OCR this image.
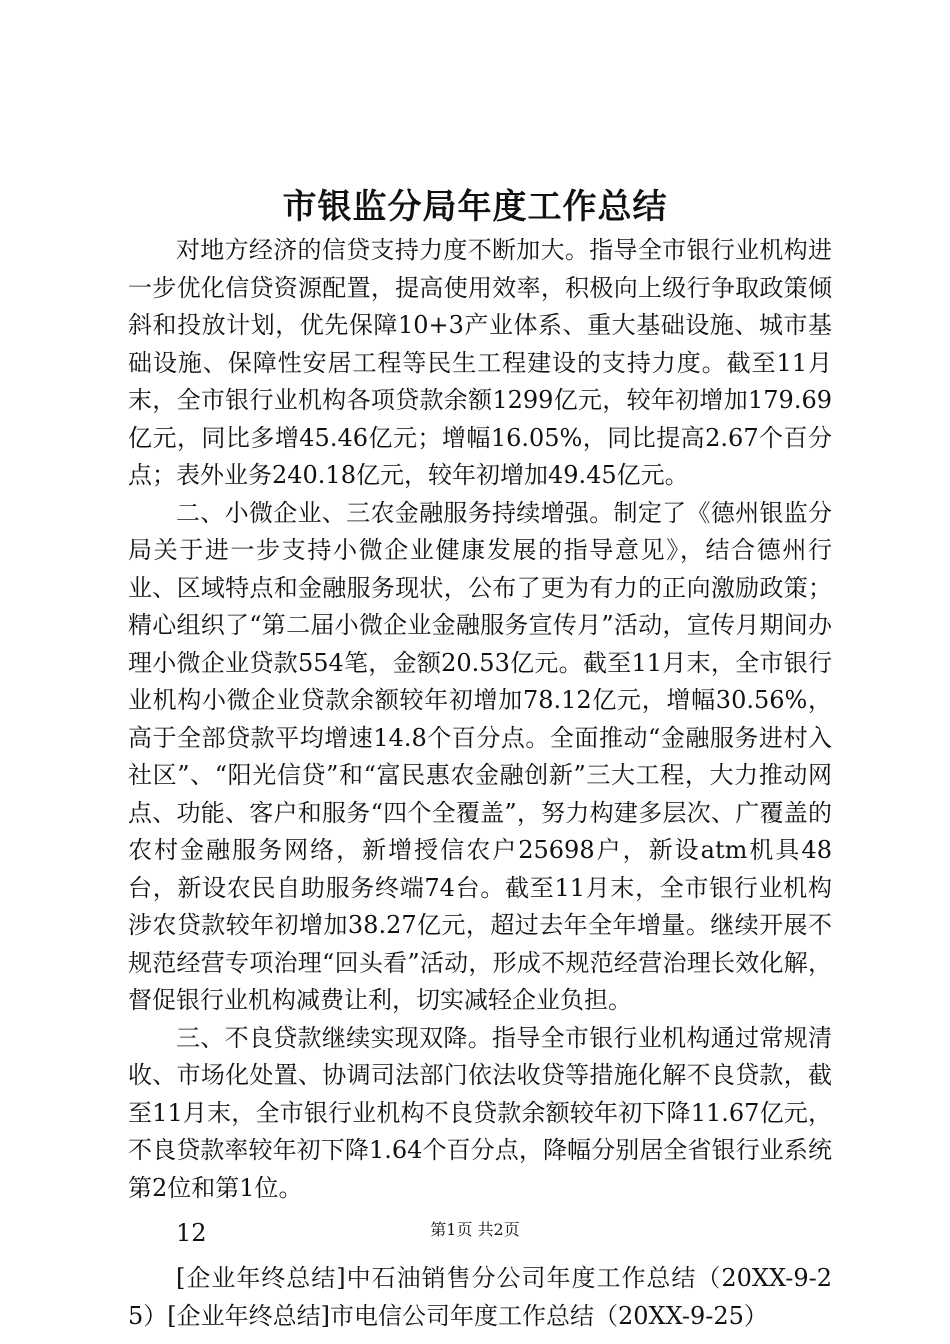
市银监分局年度工作总结

对地方经济的信贷支持力度不断加大。指导全市银行业机构进一步优化信贷资源配置，提高使用效率，积极向上级行争取政策倾斜和投放计划，优先保障10+3产业体系、重大基础设施、城市基础设施、保障性安居工程等民生工程建设的支持力度。截至11月末，全市银行业机构各项贷款余额1299亿元，较年初增加179.69亿元，同比多增45.46亿元；增幅16.05%，同比提高2.67个百分点；表外业务240.18亿元，较年初增加49.45亿元。

二、小微企业、三农金融服务持续增强。制定了《德州银监分局关于进一步支持小微企业健康发展的指导意见》，结合德州行业、区域特点和金融服务现状，公布了更为有力的正向激励政策；精心组织了“第二届小微企业金融服务宣传月”活动，宣传月期间办理小微企业贷款554笔，金额20.53亿元。截至11月末，全市银行业机构小微企业贷款余额较年初增加78.12亿元，增幅30.56%，高于全部贷款平均增速14.8个百分点。全面推动“金融服务进村入社区”、“阳光信贷”和“富民惠农金融创新”三大工程，大力推动网点、功能、客户和服务“四个全覆盖”，努力构建多层次、广覆盖的农村金融服务网络，新增授信农户25698户，新设atm机具48台，新设农民自助服务终端74台。截至11月末，全市银行业机构涉农贷款较年初增加38.27亿元，超过去年全年增量。继续开展不规范经营专项治理“回头看”活动，形成不规范经营治理长效化解，督促银行业机构减费让利，切实减轻企业负担。

三、不良贷款继续实现双降。指导全市银行业机构通过常规清收、市场化处置、协调司法部门依法收贷等措施化解不良贷款，截至11月末，全市银行业机构不良贷款余额较年初下降11.67亿元，不良贷款率较年初下降1.64个百分点，降幅分别居全省银行业系统第2位和第1位。

12

[企业年终总结]中石油销售分公司年度工作总结（20XX-9-25）[企业年终总结]市电信公司年度工作总结（20XX-9-25）

第1页 共2页
